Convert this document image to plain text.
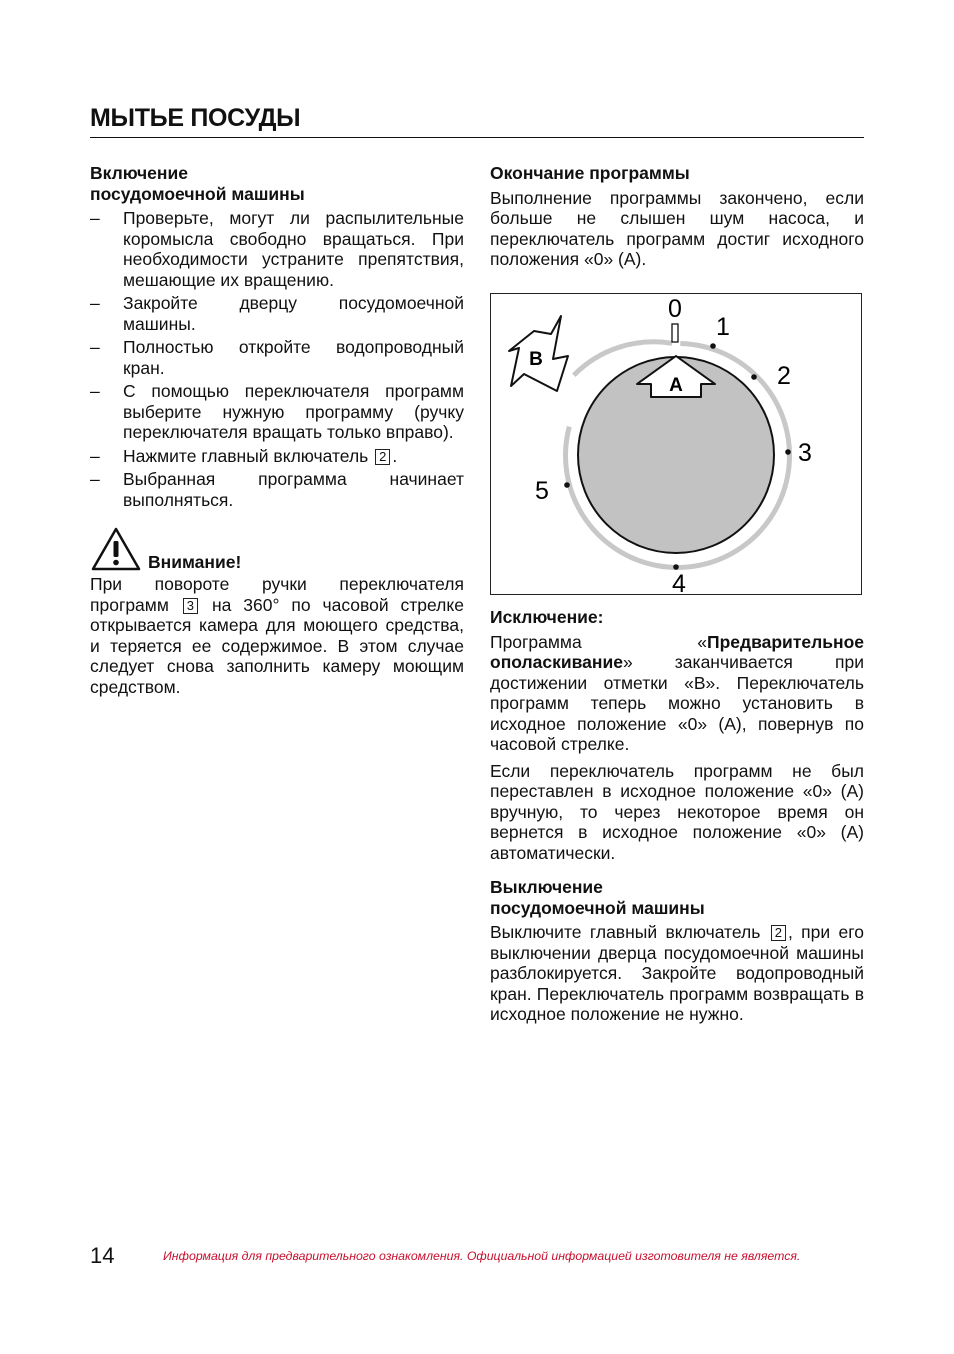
МЫТЬЕ ПОСУДЫ
Включение
посудомоечной машины
– Проверьте, могут ли распылительные коромысла свободно вращаться. При необходимости устраните препятствия, мешающие их вращению.
– Закройте дверцу посудомоечной машины.
– Полностью откройте водопроводный кран.
– С помощью переключателя программ выберите нужную программу (ручку переключателя вращать только вправо).
– Нажмите главный включатель 2 .
– Выбранная программа начинает выполняться.
Внимание!

При повороте ручки переключателя программ 3 на 360° по часовой стрелке открывается камера для моющего средства, и теряется ее содержимое. В этом случае следует снова заполнить камеру моющим средством.

Окончание программы

Выполнение программы закончено, если больше не слышен шум насоса, и переключатель программ достиг исходного положения «0» (A).

A
B
0
1
2
3
4
5
Исключение:

Программа «Предварительное ополаскивание» заканчивается при достижении отметки «B». Переключатель программ теперь можно установить в исходное положение «0» (A), повернув по часовой стрелке.

Если переключатель программ не был переставлен в исходное положение «0» (A) вручную, то через некоторое время он вернется в исходное положение «0» (A) автоматически.

Выключение
посудомоечной машины

Выключите главный включатель 2 , при его выключении дверца посудомоечной машины разблокируется. Закройте водопроводный кран. Переключатель программ возвращать в исходное положение не нужно.

14	Информация для предварительного ознакомления. Официальной информацией изготовителя не является.
